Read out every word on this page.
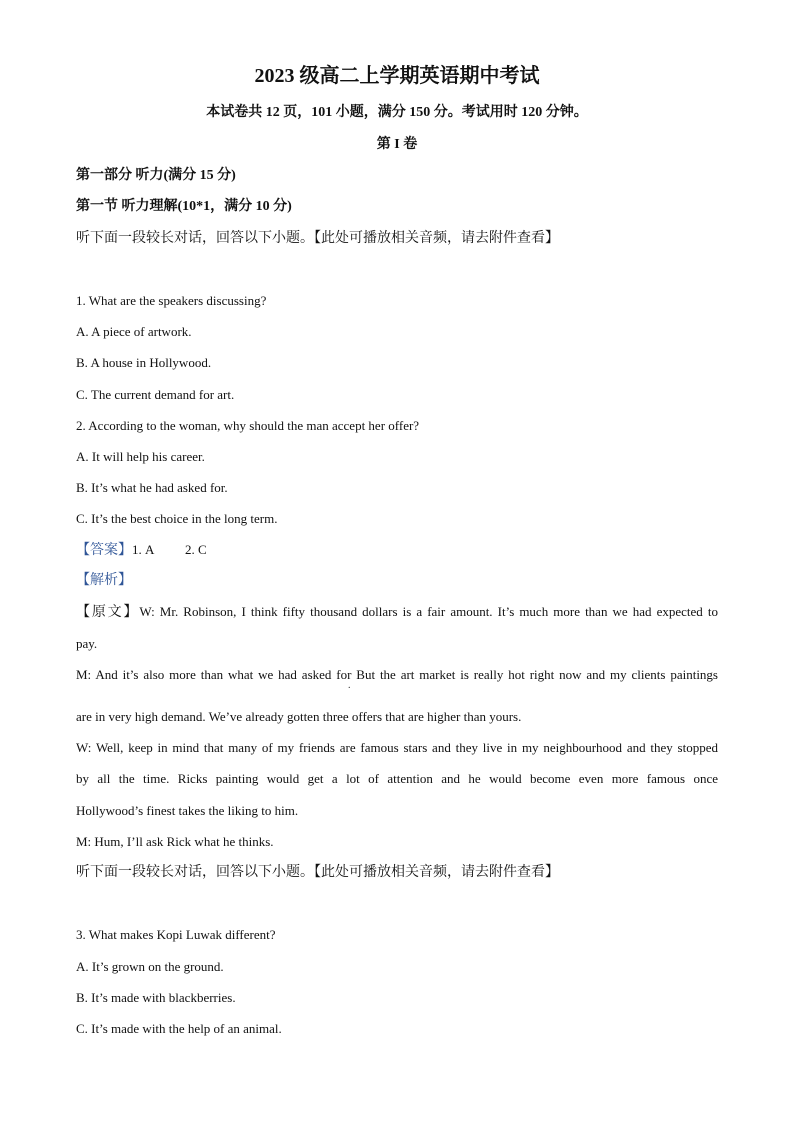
2023 级高二上学期英语期中考试
本试卷共 12 页，101 小题，满分 150 分。考试用时 120 分钟。
第 I 卷
第一部分 听力(满分 15 分)
第一节 听力理解(10*1，满分 10 分)
听下面一段较长对话，回答以下小题。【此处可播放相关音频，请去附件查看】
1. What are the speakers discussing?
A. A piece of artwork.
B. A house in Hollywood.
C. The current demand for art.
2. According to the woman, why should the man accept her offer?
A. It will help his career.
B. It’s what he had asked for.
C. It’s the best choice in the long term.
【答案】1. A 2. C
【解析】
【原文】W: Mr. Robinson, I think fifty thousand dollars is a fair amount. It’s much more than we had expected to
pay.
M: And it’s also more than what we had asked for But the art market is really hot right now and my clients paintings
.
are in very high demand. We’ve already gotten three offers that are higher than yours.
W: Well, keep in mind that many of my friends are famous stars and they live in my neighbourhood and they stopped
by all the time. Ricks painting would get a lot of attention and he would become even more famous once
Hollywood’s finest takes the liking to him.
M: Hum, I’ll ask Rick what he thinks.
听下面一段较长对话，回答以下小题。【此处可播放相关音频，请去附件查看】
3. What makes Kopi Luwak different?
A. It’s grown on the ground.
B. It’s made with blackberries.
C. It’s made with the help of an animal.
